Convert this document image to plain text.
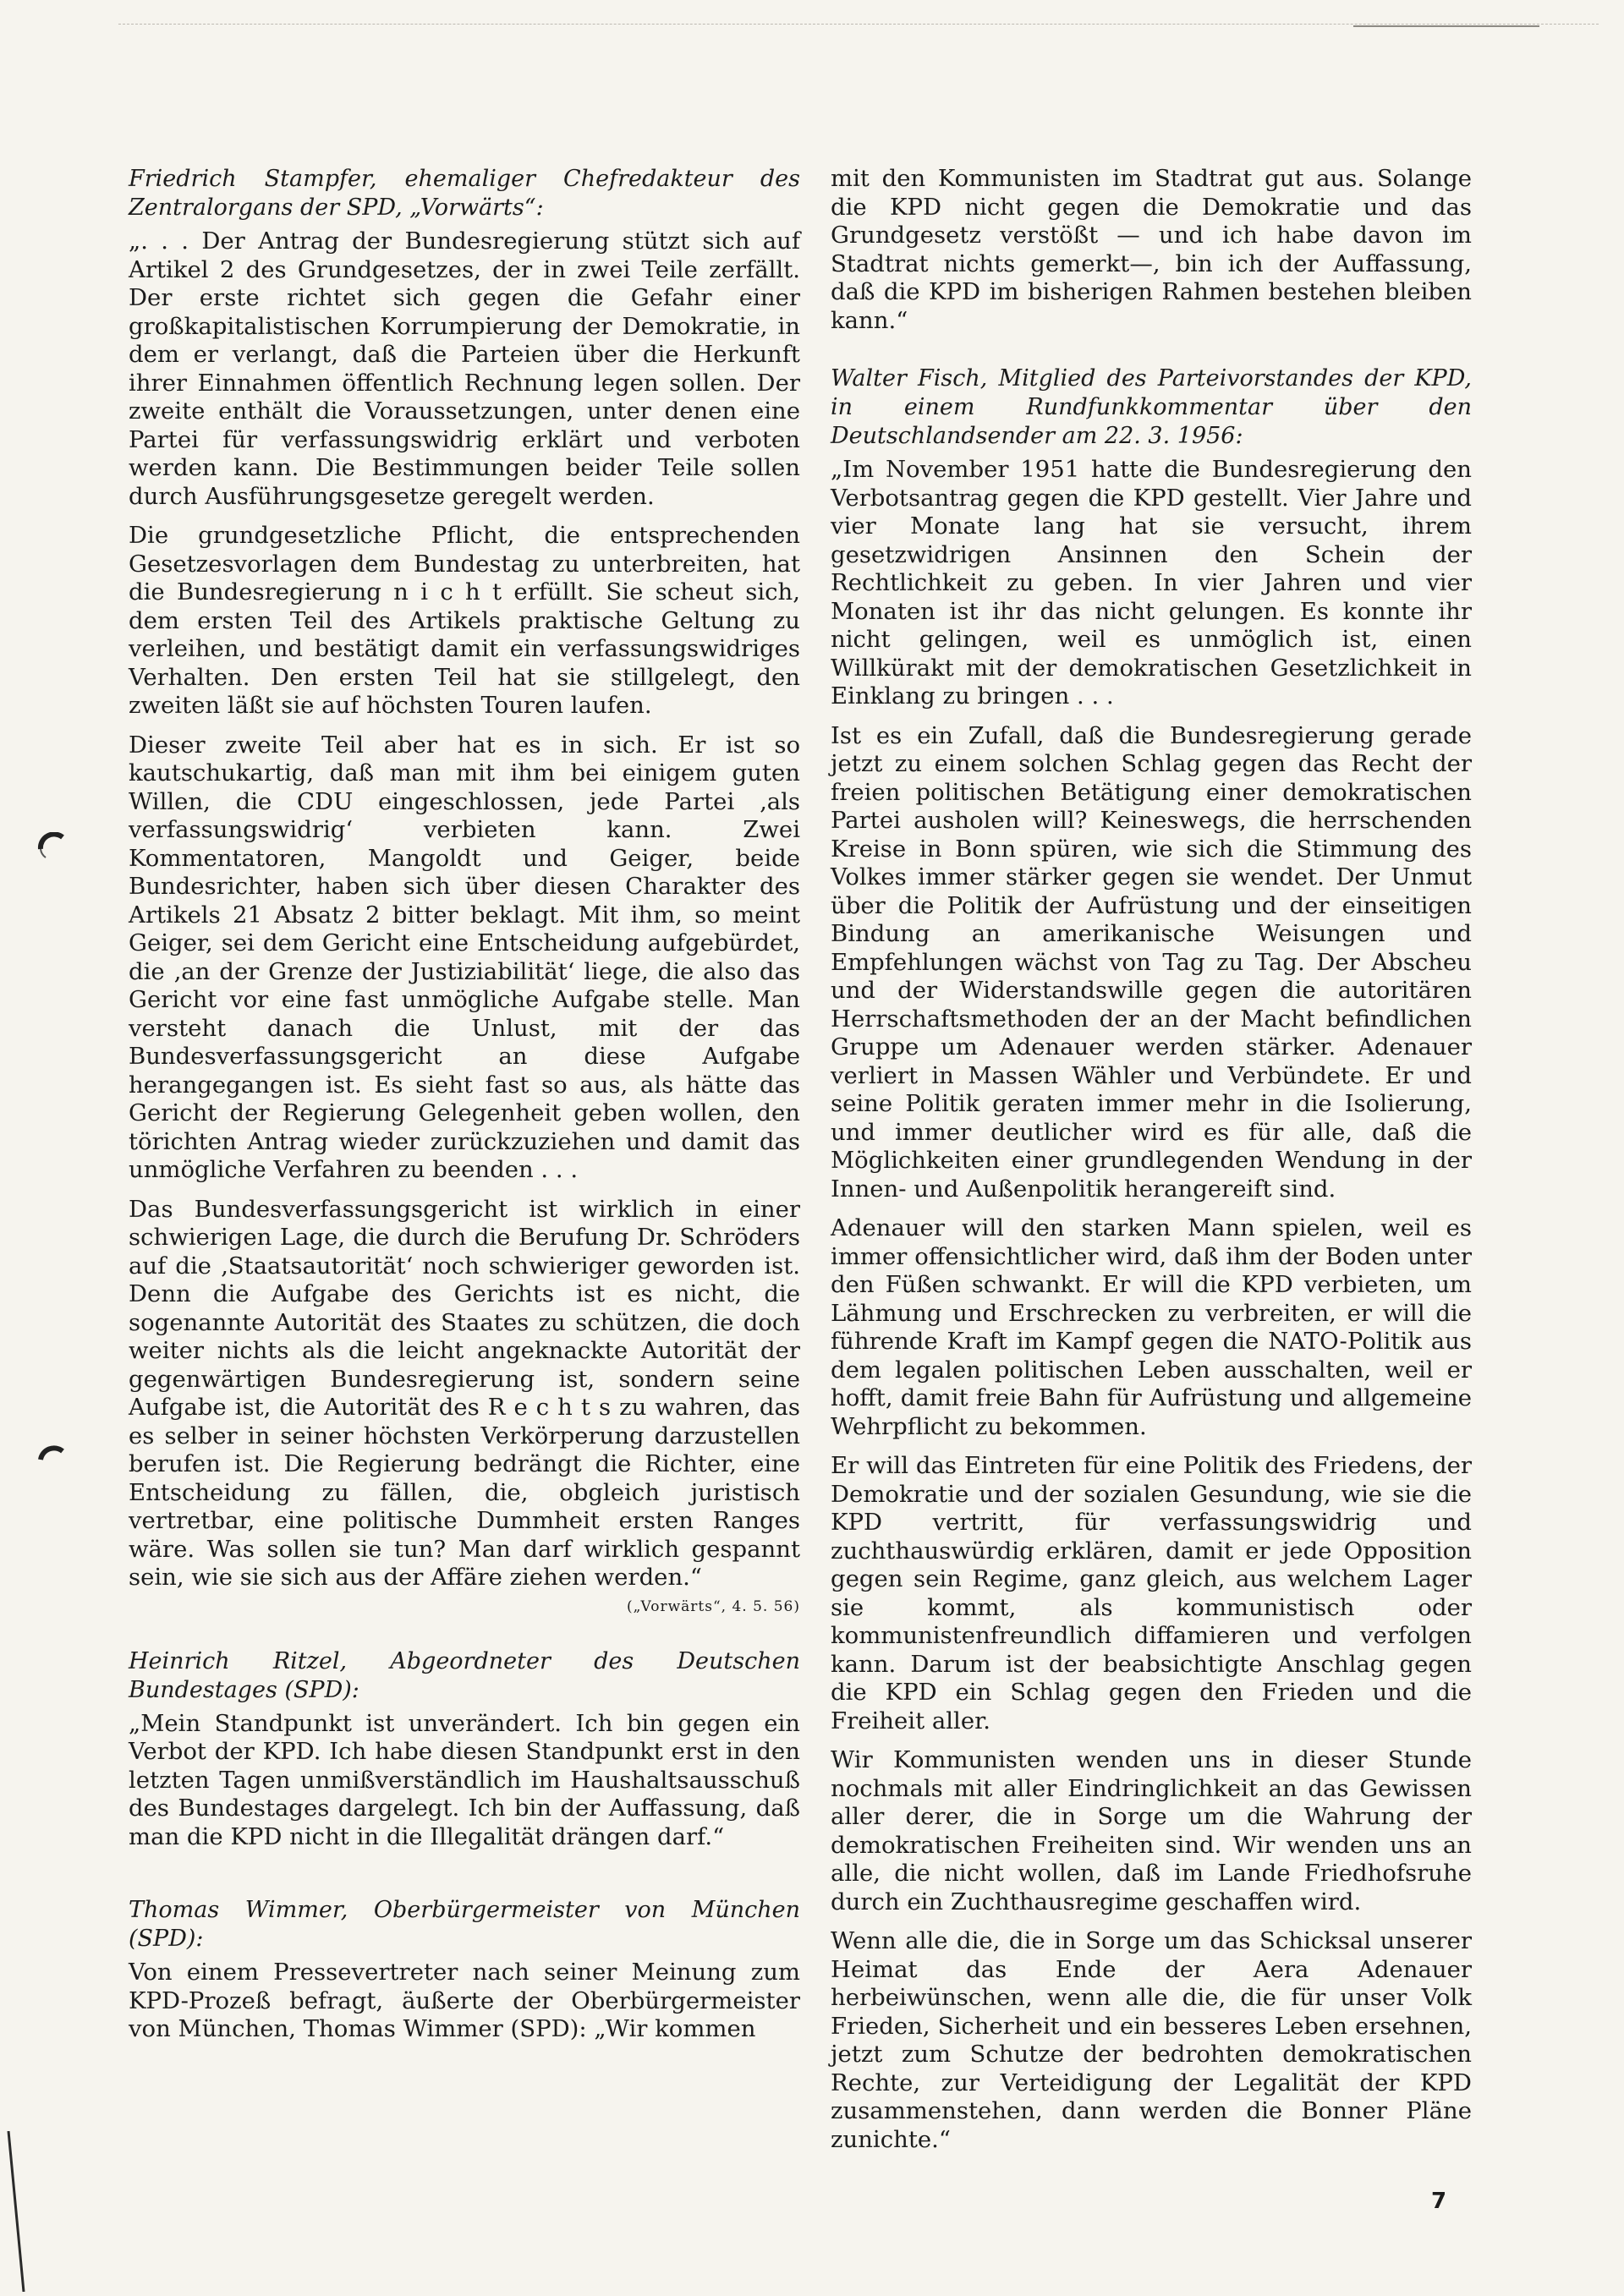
Friedrich Stampfer, ehemaliger Chefredakteur des Zentralorgans der SPD, „Vorwärts“:
„. . . Der Antrag der Bundesregierung stützt sich auf Artikel 2 des Grundgesetzes, der in zwei Teile zerfällt. Der erste richtet sich gegen die Gefahr einer großkapitalistischen Korrumpierung der Demokratie, in dem er verlangt, daß die Parteien über die Herkunft ihrer Einnahmen öffentlich Rechnung legen sollen. Der zweite enthält die Voraussetzungen, unter denen eine Partei für verfassungswidrig erklärt und verboten werden kann. Die Bestimmungen beider Teile sollen durch Ausführungsgesetze geregelt werden.
Die grundgesetzliche Pflicht, die entsprechenden Gesetzesvorlagen dem Bundestag zu unterbreiten, hat die Bundesregierung n i c h t erfüllt. Sie scheut sich, dem ersten Teil des Artikels praktische Geltung zu verleihen, und bestätigt damit ein verfassungswidriges Verhalten. Den ersten Teil hat sie stillgelegt, den zweiten läßt sie auf höchsten Touren laufen.
Dieser zweite Teil aber hat es in sich. Er ist so kautschukartig, daß man mit ihm bei einigem guten Willen, die CDU eingeschlossen, jede Partei ‚als verfassungswidrig‘ verbieten kann. Zwei Kommentatoren, Mangoldt und Geiger, beide Bundesrichter, haben sich über diesen Charakter des Artikels 21 Absatz 2 bitter beklagt. Mit ihm, so meint Geiger, sei dem Gericht eine Entscheidung aufgebürdet, die ‚an der Grenze der Justiziabilität‘ liege, die also das Gericht vor eine fast unmögliche Aufgabe stelle. Man versteht danach die Unlust, mit der das Bundesverfassungsgericht an diese Aufgabe herangegangen ist. Es sieht fast so aus, als hätte das Gericht der Regierung Gelegenheit geben wollen, den törichten Antrag wieder zurückzuziehen und damit das unmögliche Verfahren zu beenden . . .
Das Bundesverfassungsgericht ist wirklich in einer schwierigen Lage, die durch die Berufung Dr. Schröders auf die ‚Staatsautorität‘ noch schwieriger geworden ist. Denn die Aufgabe des Gerichts ist es nicht, die sogenannte Autorität des Staates zu schützen, die doch weiter nichts als die leicht angeknackte Autorität der gegenwärtigen Bundesregierung ist, sondern seine Aufgabe ist, die Autorität des R e c h t s zu wahren, das es selber in seiner höchsten Verkörperung darzustellen berufen ist. Die Regierung bedrängt die Richter, eine Entscheidung zu fällen, die, obgleich juristisch vertretbar, eine politische Dummheit ersten Ranges wäre. Was sollen sie tun? Man darf wirklich gespannt sein, wie sie sich aus der Affäre ziehen werden.“
(„Vorwärts“, 4. 5. 56)
Heinrich Ritzel, Abgeordneter des Deutschen Bundestages (SPD):
„Mein Standpunkt ist unverändert. Ich bin gegen ein Verbot der KPD. Ich habe diesen Standpunkt erst in den letzten Tagen unmißverständlich im Haushaltsausschuß des Bundestages dargelegt. Ich bin der Auffassung, daß man die KPD nicht in die Illegalität drängen darf.“
Thomas Wimmer, Oberbürgermeister von München (SPD):
Von einem Pressevertreter nach seiner Meinung zum KPD-Prozeß befragt, äußerte der Oberbürgermeister von München, Thomas Wimmer (SPD): „Wir kommen
mit den Kommunisten im Stadtrat gut aus. Solange die KPD nicht gegen die Demokratie und das Grundgesetz verstößt — und ich habe davon im Stadtrat nichts gemerkt—, bin ich der Auffassung, daß die KPD im bisherigen Rahmen bestehen bleiben kann.“
Walter Fisch, Mitglied des Parteivorstandes der KPD, in einem Rundfunkkommentar über den Deutschlandsender am 22. 3. 1956:
„Im November 1951 hatte die Bundesregierung den Verbotsantrag gegen die KPD gestellt. Vier Jahre und vier Monate lang hat sie versucht, ihrem gesetzwidrigen Ansinnen den Schein der Rechtlichkeit zu geben. In vier Jahren und vier Monaten ist ihr das nicht gelungen. Es konnte ihr nicht gelingen, weil es unmöglich ist, einen Willkürakt mit der demokratischen Gesetzlichkeit in Einklang zu bringen . . .
Ist es ein Zufall, daß die Bundesregierung gerade jetzt zu einem solchen Schlag gegen das Recht der freien politischen Betätigung einer demokratischen Partei ausholen will? Keineswegs, die herrschenden Kreise in Bonn spüren, wie sich die Stimmung des Volkes immer stärker gegen sie wendet. Der Unmut über die Politik der Aufrüstung und der einseitigen Bindung an amerikanische Weisungen und Empfehlungen wächst von Tag zu Tag. Der Abscheu und der Widerstandswille gegen die autoritären Herrschaftsmethoden der an der Macht befindlichen Gruppe um Adenauer werden stärker. Adenauer verliert in Massen Wähler und Verbündete. Er und seine Politik geraten immer mehr in die Isolierung, und immer deutlicher wird es für alle, daß die Möglichkeiten einer grundlegenden Wendung in der Innen- und Außenpolitik herangereift sind.
Adenauer will den starken Mann spielen, weil es immer offensichtlicher wird, daß ihm der Boden unter den Füßen schwankt. Er will die KPD verbieten, um Lähmung und Erschrecken zu verbreiten, er will die führende Kraft im Kampf gegen die NATO-Politik aus dem legalen politischen Leben ausschalten, weil er hofft, damit freie Bahn für Aufrüstung und allgemeine Wehrpflicht zu bekommen.
Er will das Eintreten für eine Politik des Friedens, der Demokratie und der sozialen Gesundung, wie sie die KPD vertritt, für verfassungswidrig und zuchthauswürdig erklären, damit er jede Opposition gegen sein Regime, ganz gleich, aus welchem Lager sie kommt, als kommunistisch oder kommunistenfreundlich diffamieren und verfolgen kann. Darum ist der beabsichtigte Anschlag gegen die KPD ein Schlag gegen den Frieden und die Freiheit aller.
Wir Kommunisten wenden uns in dieser Stunde nochmals mit aller Eindringlichkeit an das Gewissen aller derer, die in Sorge um die Wahrung der demokratischen Freiheiten sind. Wir wenden uns an alle, die nicht wollen, daß im Lande Friedhofsruhe durch ein Zuchthausregime geschaffen wird.
Wenn alle die, die in Sorge um das Schicksal unserer Heimat das Ende der Aera Adenauer herbeiwünschen, wenn alle die, die für unser Volk Frieden, Sicherheit und ein besseres Leben ersehnen, jetzt zum Schutze der bedrohten demokratischen Rechte, zur Verteidigung der Legalität der KPD zusammenstehen, dann werden die Bonner Pläne zunichte.“
7
